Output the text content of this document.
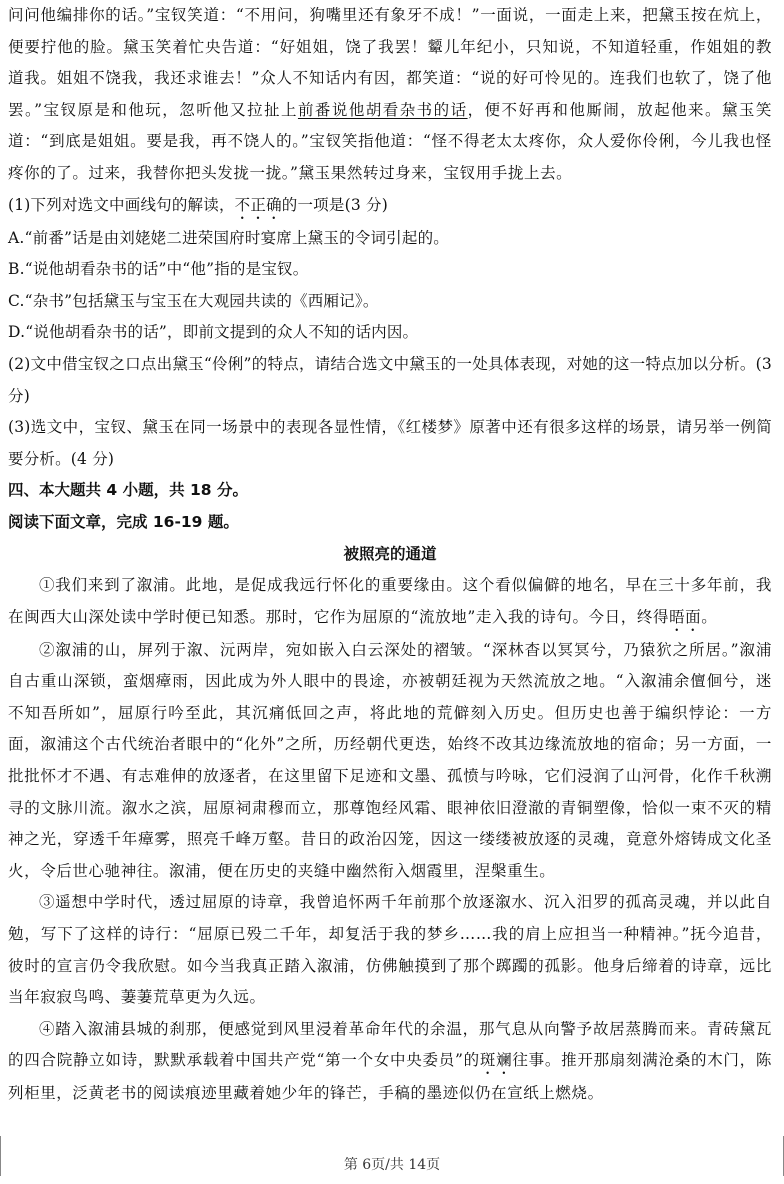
问问他编排你的话。”宝钗笑道：“不用问，狗嘴里还有象牙不成！”一面说，一面走上来，把黛玉按在炕上，便要拧他的脸。黛玉笑着忙央告道：“好姐姐，饶了我罢！颦儿年纪小，只知说，不知道轻重，作姐姐的教道我。姐姐不饶我，我还求谁去！”众人不知话内有因，都笑道：“说的好可怜见的。连我们也软了，饶了他罢。”宝钗原是和他玩，忽听他又拉扯上前番说他胡看杂书的话，便不好再和他厮闹，放起他来。黛玉笑道：“到底是姐姐。要是我，再不饶人的。”宝钗笑指他道：“怪不得老太太疼你，众人爱你伶俐，今儿我也怪疼你的了。过来，我替你把头发拢一拢。”黛玉果然转过身来，宝钗用手拢上去。

(1)下列对选文中画线句的解读，不正确的一项是(3 分)

A.“前番”话是由刘姥姥二进荣国府时宴席上黛玉的令词引起的。

B.“说他胡看杂书的话”中“他”指的是宝钗。

C.“杂书”包括黛玉与宝玉在大观园共读的《西厢记》。

D.“说他胡看杂书的话”，即前文提到的众人不知的话内因。

(2)文中借宝钗之口点出黛玉“伶俐”的特点，请结合选文中黛玉的一处具体表现，对她的这一特点加以分析。(3 分)

(3)选文中，宝钗、黛玉在同一场景中的表现各显性情，《红楼梦》原著中还有很多这样的场景，请另举一例简要分析。(4 分)

四、本大题共 4 小题，共 18 分。

阅读下面文章，完成 16-19 题。

被照亮的通道

①我们来到了溆浦。此地，是促成我远行怀化的重要缘由。这个看似偏僻的地名，早在三十多年前，我在闽西大山深处读中学时便已知悉。那时，它作为屈原的“流放地”走入我的诗句。今日，终得晤面。

②溆浦的山，屏列于溆、沅两岸，宛如嵌入白云深处的褶皱。“深林杳以冥冥兮，乃猿狖之所居。”溆浦自古重山深锁，蛮烟瘴雨，因此成为外人眼中的畏途，亦被朝廷视为天然流放之地。“入溆浦余儃佪兮，迷不知吾所如”，屈原行吟至此，其沉痛低回之声，将此地的荒僻刻入历史。但历史也善于编织悖论：一方面，溆浦这个古代统治者眼中的“化外”之所，历经朝代更迭，始终不改其边缘流放地的宿命；另一方面，一批批怀才不遇、有志难伸的放逐者，在这里留下足迹和文墨、孤愤与吟咏，它们浸润了山河骨，化作千秋溯寻的文脉川流。溆水之滨，屈原祠肃穆而立，那尊饱经风霜、眼神依旧澄澈的青铜塑像，恰似一束不灭的精神之光，穿透千年瘴雾，照亮千峰万壑。昔日的政治囚笼，因这一缕缕被放逐的灵魂，竟意外熔铸成文化圣火，令后世心驰神往。溆浦，便在历史的夹缝中幽然衔入烟霞里，涅槃重生。

③遥想中学时代，透过屈原的诗章，我曾追怀两千年前那个放逐溆水、沉入汨罗的孤高灵魂，并以此自勉，写下了这样的诗行：“屈原已殁二千年，却复活于我的梦乡……我的肩上应担当一种精神。”抚今追昔，彼时的宣言仍令我欣慰。如今当我真正踏入溆浦，仿佛触摸到了那个踯躅的孤影。他身后缔着的诗章，远比当年寂寂鸟鸣、萋萋荒草更为久远。

④踏入溆浦县城的刹那，便感觉到风里浸着革命年代的余温，那气息从向警予故居蒸腾而来。青砖黛瓦的四合院静立如诗，默默承载着中国共产党“第一个女中央委员”的斑斓往事。推开那扇刻满沧桑的木门，陈列柜里，泛黄老书的阅读痕迹里藏着她少年的锋芒，手稿的墨迹似仍在宣纸上燃烧。

第 6页/共 14页
